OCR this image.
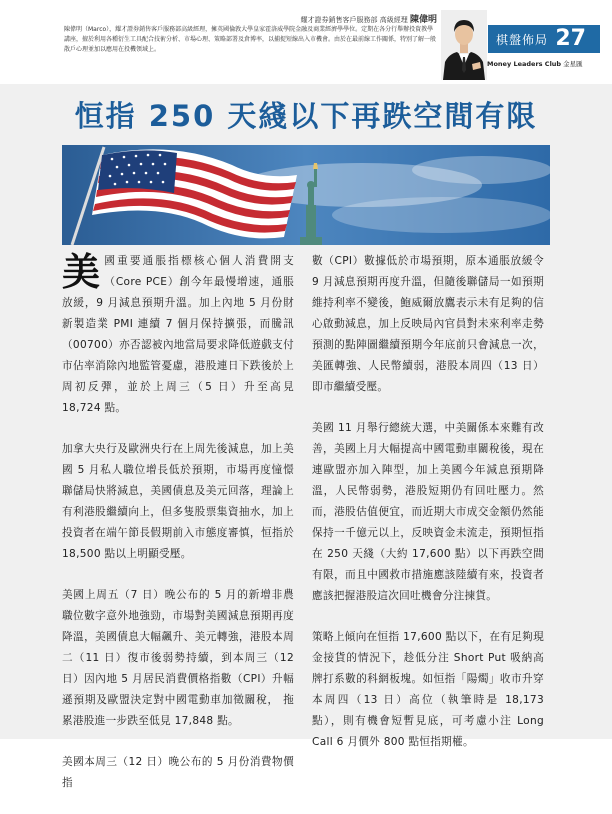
耀才證券銷售客戶服務部 高級經理 陳偉明
陳偉明（Marco），耀才證券銷售客戶服務部高級經理，擁英國倫敦大學皇家霍洛威學院金融及商業經濟學學位。定期在各分行舉辦投資教學講座，擅於利用各種衍生工具配合技術分析、市場心理、策略部署及倉博率，以捕捉短線出入市機會。由於在最前線工作關係，特別了解一般散戶心理並加以應用在投機領域上。
棋盤佈局 27
Money Leaders Club 金星匯
恒指 250 天綫以下再跌空間有限

美國重要通脹指標核心個人消費開支（Core PCE）創今年最慢增速，通脹放緩，9 月減息預期升溫。加上內地 5 月份財新製造業 PMI 連續 7 個月保持擴張，而騰訊（00700）亦否認被內地當局要求降低遊戲支付市佔率消除內地監管憂慮，港股連日下跌後於上周初反彈，並於上周三（5 日）升至高見 18,724 點。

加拿大央行及歐洲央行在上周先後減息，加上美國 5 月私人職位增長低於預期，市場再度憧憬聯儲局快將減息，美國債息及美元回落，理論上有利港股繼續向上，但多隻股票集資抽水，加上投資者在端午節長假期前入市態度審慎，恒指於 18,500 點以上明顯受壓。

美國上周五（7 日）晚公布的 5 月的新增非農職位數字意外地強勁，市場對美國減息預期再度降溫，美國債息大幅飆升、美元轉強，港股本周二（11 日）復市後弱勢持續，到本周三（12 日）因內地 5 月居民消費價格指數（CPI）升幅遜預期及歐盟決定對中國電動車加徵關稅， 拖累港股進一步跌至低見 17,848 點。

美國本周三（12 日）晚公布的 5 月份消費物價指

數（CPI）數據低於市場預期，原本通脹放緩令 9 月減息預期再度升溫，但隨後聯儲局一如預期維持利率不變後，鮑威爾放鷹表示未有足夠的信心啟動減息，加上反映局內官員對未來利率走勢預測的點陣圖繼續預期今年底前只會減息一次，美匯轉強、人民幣續弱，港股本周四（13 日）即市繼續受壓。

美國 11 月舉行總統大選，中美關係本來難有改善，美國上月大幅提高中國電動車關稅後，現在連歐盟亦加入陣型，加上美國今年減息預期降溫，人民幣弱勢，港股短期仍有回吐壓力。然而，港股估值便宜，而近期大市成交金額仍然能保持一千億元以上，反映資金未流走，預期恒指在 250 天綫（大約 17,600 點）以下再跌空間有限，而且中國救市措施應該陸續有來，投資者應該把握港股這次回吐機會分注揀貨。

策略上傾向在恒指 17,600 點以下，在有足夠現金接貨的情況下，趁低分注 Short Put 吸納高牌打系數的科網板塊。如恒指「陽燭」收市升穿本周四（13 日）高位（執筆時是 18,173 點），則有機會短暫見底，可考慮小注 Long Call 6 月價外 800 點恒指期權。
